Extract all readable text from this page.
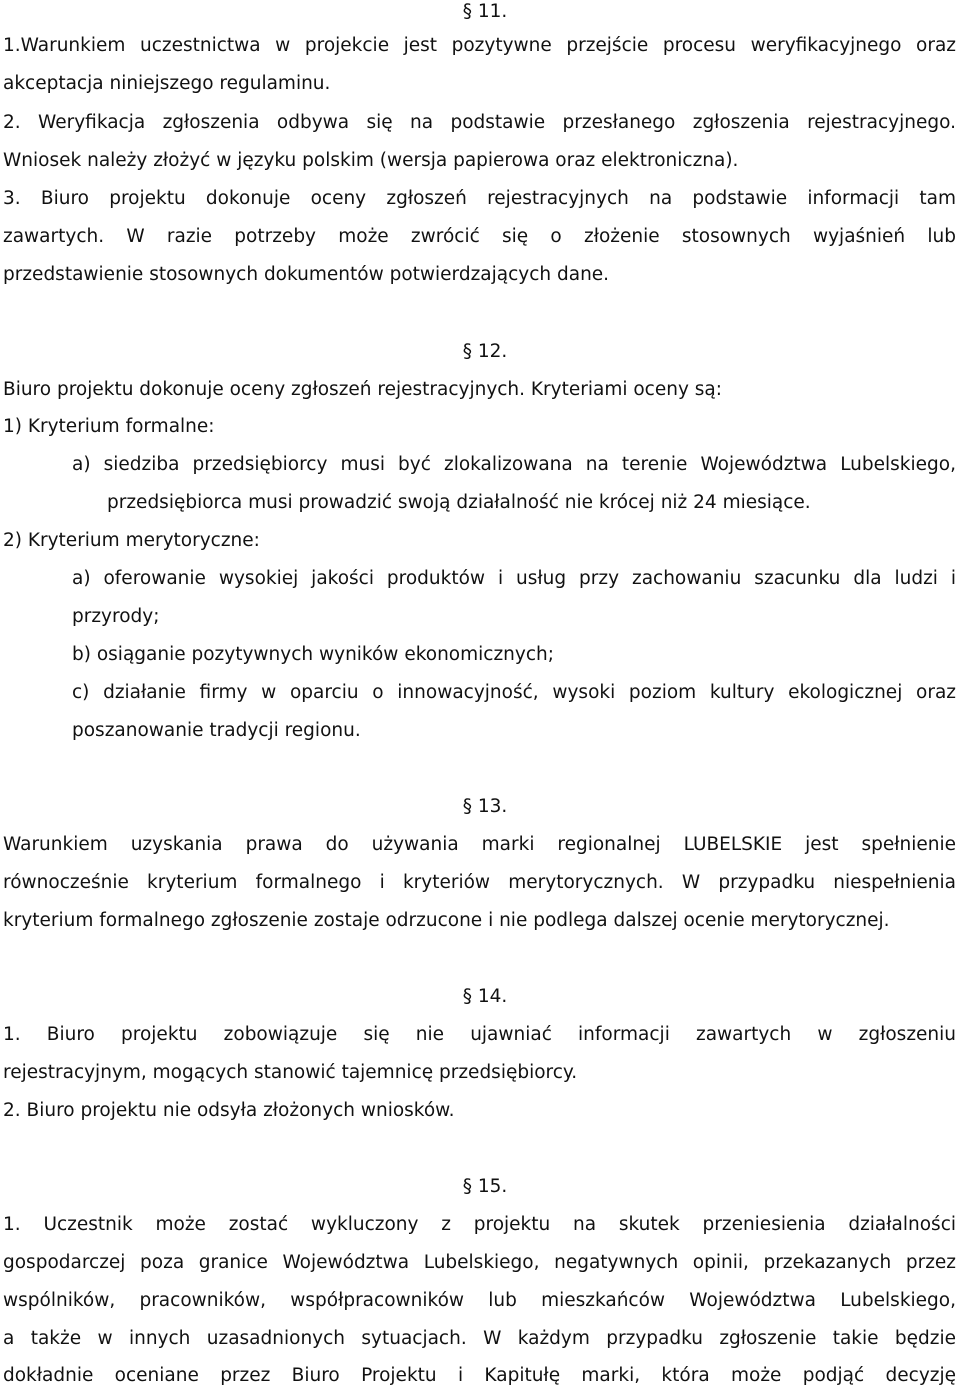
§ 11.
1.Warunkiem uczestnictwa w projekcie jest pozytywne przejście procesu weryfikacyjnego oraz
akceptacja niniejszego regulaminu.
2. Weryfikacja zgłoszenia odbywa się na podstawie przesłanego zgłoszenia rejestracyjnego.
Wniosek należy złożyć w języku polskim (wersja papierowa oraz elektroniczna).
3. Biuro projektu dokonuje oceny zgłoszeń rejestracyjnych na podstawie informacji tam
zawartych. W razie potrzeby może zwrócić się o złożenie stosownych wyjaśnień lub
przedstawienie stosownych dokumentów potwierdzających dane.
§ 12.
Biuro projektu dokonuje oceny zgłoszeń rejestracyjnych. Kryteriami oceny są:
1) Kryterium formalne:
a) siedziba przedsiębiorcy musi być zlokalizowana na terenie Województwa Lubelskiego,
przedsiębiorca musi prowadzić swoją działalność nie krócej niż 24 miesiące.
2) Kryterium merytoryczne:
a) oferowanie wysokiej jakości produktów i usług przy zachowaniu szacunku dla ludzi i
przyrody;
b) osiąganie pozytywnych wyników ekonomicznych;
c) działanie firmy w oparciu o innowacyjność, wysoki poziom kultury ekologicznej oraz
poszanowanie tradycji regionu.
§ 13.
Warunkiem uzyskania prawa do używania marki regionalnej LUBELSKIE jest spełnienie
równocześnie kryterium formalnego i kryteriów merytorycznych. W przypadku niespełnienia
kryterium formalnego zgłoszenie zostaje odrzucone i nie podlega dalszej ocenie merytorycznej.
§ 14.
1. Biuro projektu zobowiązuje się nie ujawniać informacji zawartych w zgłoszeniu
rejestracyjnym, mogących stanowić tajemnicę przedsiębiorcy.
2. Biuro projektu nie odsyła złożonych wniosków.
§ 15.
1. Uczestnik może zostać wykluczony z projektu na skutek przeniesienia działalności
gospodarczej poza granice Województwa Lubelskiego, negatywnych opinii, przekazanych przez
wspólników, pracowników, współpracowników lub mieszkańców Województwa Lubelskiego,
a także w innych uzasadnionych sytuacjach. W każdym przypadku zgłoszenie takie będzie
dokładnie oceniane przez Biuro Projektu i Kapitułę marki, która może podjąć decyzję
